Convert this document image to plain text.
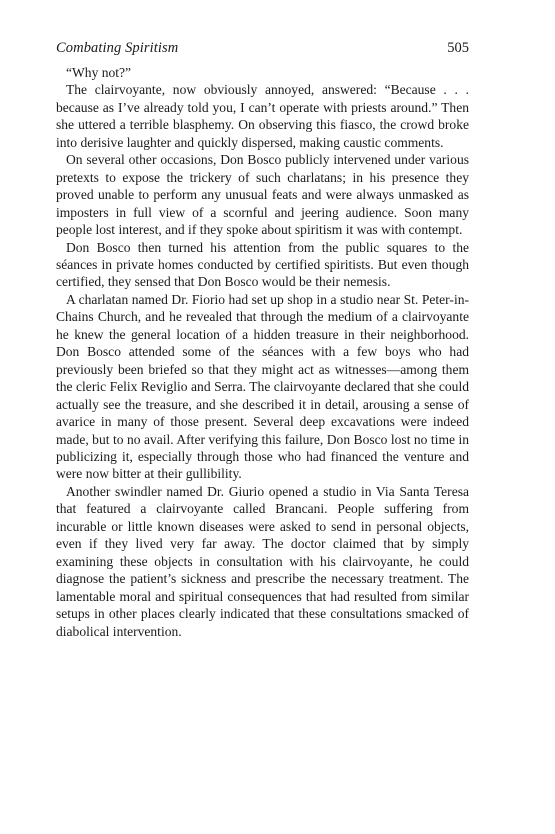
Combating Spiritism	505

“Why not?”

The clairvoyante, now obviously annoyed, answered: “Because . . . because as I’ve already told you, I can’t operate with priests around.” Then she uttered a terrible blasphemy. On observing this fiasco, the crowd broke into derisive laughter and quickly dispersed, making caustic comments.

On several other occasions, Don Bosco publicly intervened under various pretexts to expose the trickery of such charlatans; in his presence they proved unable to perform any unusual feats and were always unmasked as imposters in full view of a scornful and jeering audience. Soon many people lost interest, and if they spoke about spiritism it was with contempt.

Don Bosco then turned his attention from the public squares to the séances in private homes conducted by certified spiritists. But even though certified, they sensed that Don Bosco would be their nemesis.

A charlatan named Dr. Fiorio had set up shop in a studio near St. Peter-in-Chains Church, and he revealed that through the medium of a clairvoyante he knew the general location of a hidden treasure in their neighborhood. Don Bosco attended some of the séances with a few boys who had previously been briefed so that they might act as witnesses—among them the cleric Felix Reviglio and Serra. The clairvoyante declared that she could actually see the treasure, and she described it in detail, arousing a sense of avarice in many of those present. Several deep excavations were indeed made, but to no avail. After verifying this failure, Don Bosco lost no time in publicizing it, especially through those who had financed the venture and were now bitter at their gullibility.

Another swindler named Dr. Giurio opened a studio in Via Santa Teresa that featured a clairvoyante called Brancani. People suffering from incurable or little known diseases were asked to send in personal objects, even if they lived very far away. The doctor claimed that by simply examining these objects in consultation with his clairvoyante, he could diagnose the patient’s sickness and prescribe the necessary treatment. The lamentable moral and spiritual consequences that had resulted from similar setups in other places clearly indicated that these consultations smacked of diabolical intervention.
